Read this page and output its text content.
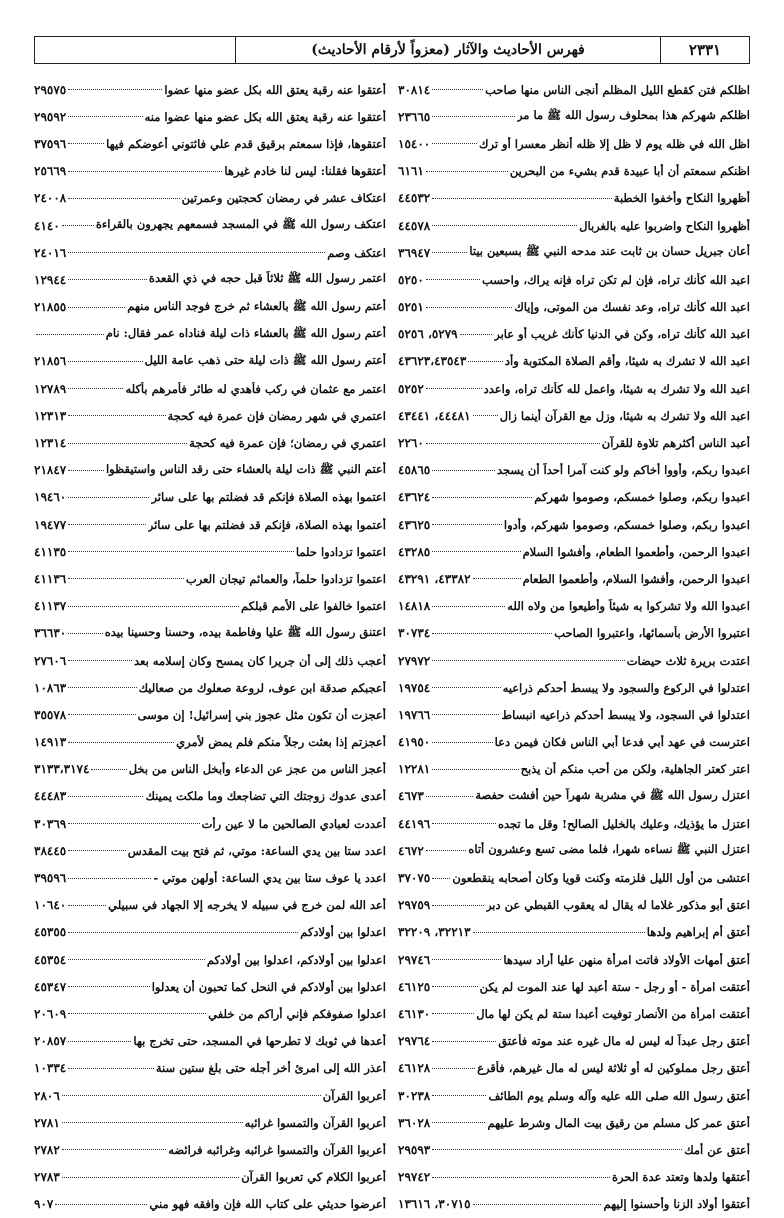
٢٣٣١
فهرس الأحاديث والآثار (معزواً لأرقام الأحاديث)
اظلكم فتن كقطع الليل المظلم أنجى الناس منها صاحب
٣٠٨١٤
اظلكم شهركم هذا بمحلوف رسول الله ﷺ ما مر
٢٣٦٦٥
اظل الله في ظله يوم لا ظل إلا ظله أنظر معسرا أو ترك
١٥٤٠٠
اظنكم سمعتم أن أبا عبيدة قدم بشيء من البحرين
٦١٦١
أظهروا النكاح وأخفوا الخطبة
٤٤٥٣٢
أظهروا النكاح واضربوا عليه بالغربال
٤٤٥٧٨
أعان جبريل حسان بن ثابت عند مدحه النبي ﷺ بسبعين بيتا
٣٦٩٤٧
اعبد الله كأنك تراه، فإن لم تكن تراه فإنه يراك، واحسب
٥٢٥٠
اعبد الله كأنك تراه، وعد نفسك من الموتى، وإياك
٥٢٥١
اعبد الله كأنك تراه، وكن في الدنيا كأنك غريب أو عابر
٥٢٧٩، ٥٢٥٦
اعبد الله لا تشرك به شيئا، وأقم الصلاة المكتوبة وأد
٤٣٦٢٣،٤٣٥٤٣
اعبد الله ولا تشرك به شيئا، واعمل لله كأنك تراه، واعدد
٥٢٥٢
اعبد الله ولا تشرك به شيئا، وزل مع القرآن أينما زال
٤٤٤٨١، ٤٣٤٤١
أعبد الناس أكثرهم تلاوة للقرآن
٢٢٦٠
اعبدوا ربكم، وأووا أخاكم ولو كنت آمرا أحداً أن يسجد
٤٥٨٦٥
اعبدوا ربكم، وصلوا خمسكم، وصوموا شهركم
٤٣٦٢٤
اعبدوا ربكم، وصلوا خمسكم، وصوموا شهركم، وأدوا
٤٣٦٢٥
اعبدوا الرحمن، وأطعموا الطعام، وأفشوا السلام
٤٣٢٨٥
اعبدوا الرحمن، وأفشوا السلام، وأطعموا الطعام
٤٣٣٨٢، ٤٣٢٩١
اعبدوا الله ولا تشركوا به شيئاً وأطيعوا من ولاه الله
١٤٨١٨
اعتبروا الأرض بأسمائها، واعتبروا الصاحب
٣٠٧٣٤
اعتدت بريرة ثلاث حيضات
٢٧٩٧٢
اعتدلوا في الركوع والسجود ولا يبسط أحدكم ذراعيه
١٩٧٥٤
اعتدلوا في السجود، ولا يبسط أحدكم ذراعيه انبساط
١٩٧٦٦
اعترست في عهد أبي فدعا أبي الناس فكان فيمن دعا
٤١٩٥٠
اعتر كعتر الجاهلية، ولكن من أحب منكم أن يذبح
١٢٢٨١
اعتزل رسول الله ﷺ في مشربة شهراً حين أفشت حفصة
٤٦٧٣
اعتزل ما يؤذيك، وعليك بالخليل الصالح! وقل ما تجده
٤٤١٩٦
اعتزل النبي ﷺ نساءه شهرا، فلما مضى تسع وعشرون أتاه
٤٦٧٢
اعتشى من أول الليل فلزمته وكنت قويا وكان أصحابه ينقطعون
٣٧٠٧٥
اعتق أبو مذكور غلاما له يقال له يعقوب القبطي عن دبر
٢٩٧٥٩
أعتق أم إبراهيم ولدها
٣٢٢١٣، ٣٢٢٠٩
أعتق أمهات الأولاد فاتت امرأة منهن عليا أراد سيدها
٢٩٧٤٦
أعتقت امرأة - أو رجل - ستة أعبد لها عند الموت لم يكن
٤٦١٢٥
أعتقت امرأة من الأنصار توفيت أعبدا ستة لم يكن لها مال
٤٦١٣٠
أعتق رجل عبداً له ليس له مال غيره عند موته فأعتق
٢٩٧٦٤
أعتق رجل مملوكين له أو ثلاثة ليس له مال غيرهم، فأقرع
٤٦١٢٨
أعتق رسول الله صلى الله عليه وآله وسلم يوم الطائف
٣٠٢٣٨
أعتق عمر كل مسلم من رقيق بيت المال وشرط عليهم
٣٦٠٢٨
أعتق عن أمك
٢٩٥٩٣
أعتقها ولدها وتعتد عدة الحرة
٢٩٧٤٢
أعتقوا أولاد الزنا وأحسنوا إليهم
٣٠٧١٥، ١٣٦١٦
أعتقوا عنه رقبة يعتق الله بكل عضو منها عضوا
٢٩٥٧٥
أعتقوا عنه رقبة يعتق الله بكل عضو منها عضوا منه
٢٩٥٩٢
أعتقوها، فإذا سمعتم برقيق قدم علي فائتوني أعوضكم فيها
٣٧٥٩٦
أعتقوها فقلنا: ليس لنا خادم غيرها
٢٥٦٦٩
اعتكاف عشر في رمضان كحجتين وعمرتين
٢٤٠٠٨
اعتكف رسول الله ﷺ في المسجد فسمعهم يجهرون بالقراءة
٤١٤٠
اعتكف وصم
٢٤٠١٦
اعتمر رسول الله ﷺ ثلاثاً قبل حجه في ذي القعدة
١٢٩٤٤
أعتم رسول الله ﷺ بالعشاء ثم خرج فوجد الناس منهم
٢١٨٥٥
أعتم رسول الله ﷺ بالعشاء ذات ليلة فناداه عمر فقال: نام
أعتم رسول الله ﷺ ذات ليلة حتى ذهب عامة الليل
٢١٨٥٦
اعتمر مع عثمان في ركب فأهدي له طائر فأمرهم بأكله
١٢٧٨٩
اعتمري في شهر رمضان فإن عمرة فيه كحجة
١٢٣١٣
اعتمري في رمضان؛ فإن عمرة فيه كحجة
١٢٣١٤
أعتم النبي ﷺ ذات ليلة بالعشاء حتى رقد الناس واستيقظوا
٢١٨٤٧
اعتموا بهذه الصلاة فإنكم قد فضلتم بها على سائر
١٩٤٦٠
أعتموا بهذه الصلاة، فإنكم قد فضلتم بها على سائر
١٩٤٧٧
اعتموا تزدادوا حلما
٤١١٣٥
اعتموا تزدادوا حلماً، والعمائم تيجان العرب
٤١١٣٦
اعتموا خالفوا على الأمم قبلكم
٤١١٣٧
اعتنق رسول الله ﷺ عليا وفاطمة بيده، وحسنا وحسينا بيده
٣٦٦٣٠
أعجب ذلك إلى أن جريرا كان يمسح وكان إسلامه بعد
٢٧٦٠٦
أعجبكم صدقة ابن عوف، لروعة صعلوك من صعاليك
١٠٨٦٣
أعجزت أن تكون مثل عجوز بني إسرائيل! إن موسى
٣٥٥٧٨
أعجزتم إذا بعثت رجلاً منكم فلم يمض لأمري
١٤٩١٣
أعجز الناس من عجز عن الدعاء وأبخل الناس من بخل
٣١٣٣،٣١٧٤
أعدى عدوك زوجتك التي تضاجعك وما ملكت يمينك
٤٤٤٨٣
أعددت لعبادي الصالحين ما لا عين رأت
٣٠٣٦٩
اعدد ستا بين يدي الساعة: موتي، ثم فتح بيت المقدس
٣٨٤٤٥
اعدد يا عوف ستا بين يدي الساعة: أولهن موتي -
٣٩٥٩٦
أعد الله لمن خرج في سبيله لا يخرجه إلا الجهاد في سبيلي
١٠٦٤٠
اعدلوا بين أولادكم
٤٥٣٥٥
اعدلوا بين أولادكم، اعدلوا بين أولادكم
٤٥٣٥٤
اعدلوا بين أولادكم في النحل كما تحبون أن يعدلوا
٤٥٣٤٧
اعدلوا صفوفكم فإني أراكم من خلفي
٢٠٦٠٩
أعدها في ثوبك لا تطرحها في المسجد، حتى تخرج بها
٢٠٨٥٧
أعذر الله إلى امرئ أخر أجله حتى بلغ ستين سنة
١٠٣٣٤
أعربوا القرآن
٢٨٠٦
أعربوا القرآن والتمسوا غرائبه
٢٧٨١
أعربوا القرآن والتمسوا غرائبه وغرائبه فرائضه
٢٧٨٢
أعربوا الكلام كي تعربوا القرآن
٢٧٨٣
أعرضوا حديثي على كتاب الله فإن وافقه فهو مني
٩٠٧
